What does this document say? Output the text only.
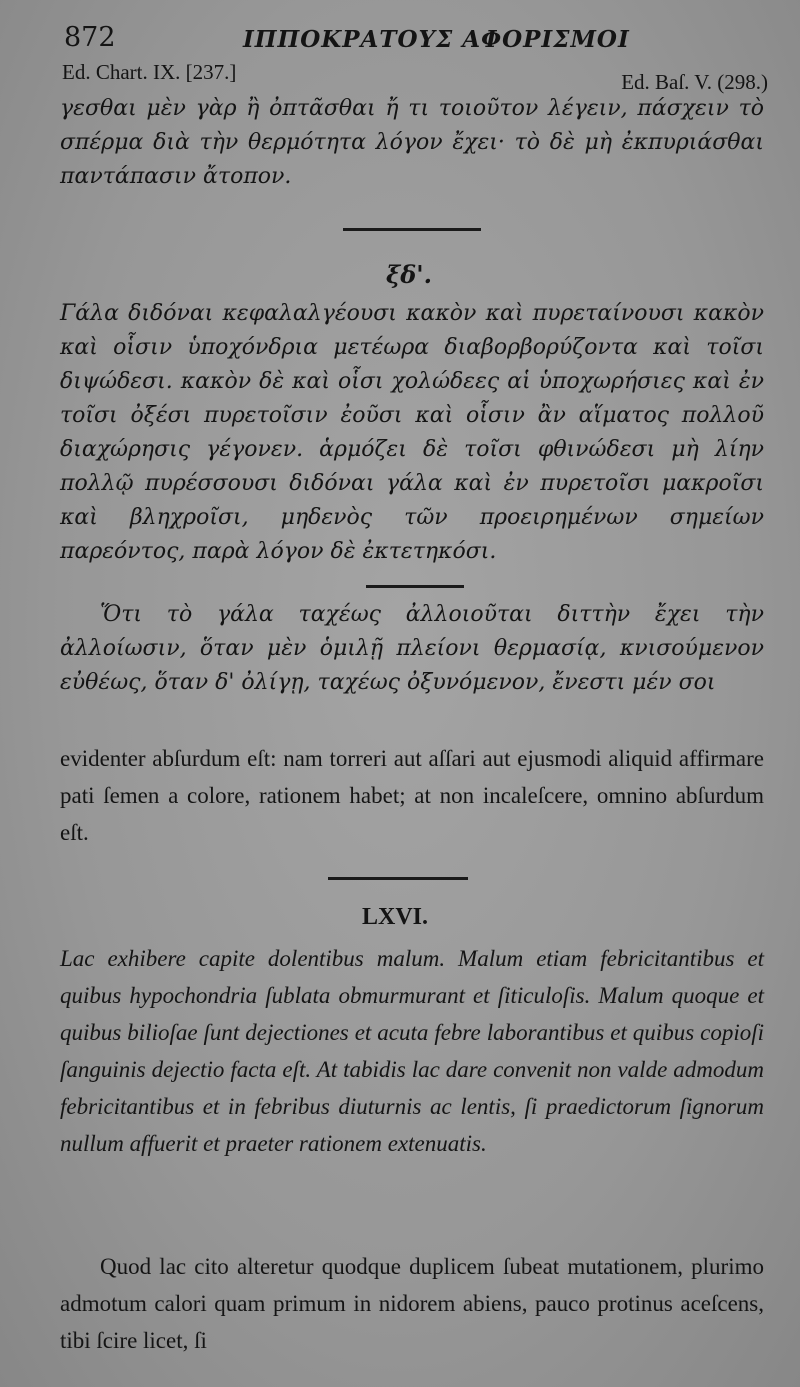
872	ΙΠΠΟΚΡΑΤΟΥΣ ΑΦΟΡΙΣΜΟΙ
Ed. Chart. IX. [237.]	Ed. Baſ. V. (298.)

γεσθαι μὲν γὰρ ἢ ὀπτᾶσθαι ἤ τι τοιοῦτον λέγειν, πάσχειν τὸ σπέρμα διὰ τὴν θερμότητα λόγον ἔχει· τὸ δὲ μὴ ἐκπυριάσθαι παντάπασιν ἄτοπον.

ξδ'.

Γάλα διδόναι κεφαλαλγέουσι κακὸν καὶ πυρεταίνουσι κακὸν καὶ οἷσιν ὑποχόνδρια μετέωρα διαβορβορύζοντα καὶ τοῖσι διψώδεσι. κακὸν δὲ καὶ οἷσι χολώδεες αἱ ὑποχωρήσιες καὶ ἐν τοῖσι ὀξέσι πυρετοῖσιν ἐοῦσι καὶ οἷσιν ἂν αἵματος πολλοῦ διαχώρησις γέγονεν. ἁρμόζει δὲ τοῖσι φθινώδεσι μὴ λίην πολλῷ πυρέσσουσι διδόναι γάλα καὶ ἐν πυρετοῖσι μακροῖσι καὶ βληχροῖσι, μηδενὸς τῶν προειρημένων σημείων παρεόντος, παρὰ λόγον δὲ ἐκτετηκόσι.

Ὅτι τὸ γάλα ταχέως ἀλλοιοῦται διττὴν ἔχει τὴν ἀλλοίωσιν, ὅταν μὲν ὁμιλῇ πλείονι θερμασίᾳ, κνισούμενον εὐθέως, ὅταν δ' ὀλίγῃ, ταχέως ὀξυνόμενον, ἔνεστι μέν σοι

evidenter abſurdum eſt: nam torreri aut aſſari aut ejusmodi aliquid affirmare pati ſemen a colore, rationem habet; at non incaleſcere, omnino abſurdum eſt.

LXVI.

Lac exhibere capite dolentibus malum. Malum etiam febricitantibus et quibus hypochondria ſublata obmurmurant et ſiticuloſis. Malum quoque et quibus bilioſae ſunt dejectiones et acuta febre laborantibus et quibus copioſi ſanguinis dejectio facta eſt. At tabidis lac dare convenit non valde admodum febricitantibus et in febribus diuturnis ac lentis, ſi praedictorum ſignorum nullum affuerit et praeter rationem extenuatis.

Quod lac cito alteretur quodque duplicem ſubeat mutationem, plurimo admotum calori quam primum in nidorem abiens, pauco protinus aceſcens, tibi ſcire licet, ſi
